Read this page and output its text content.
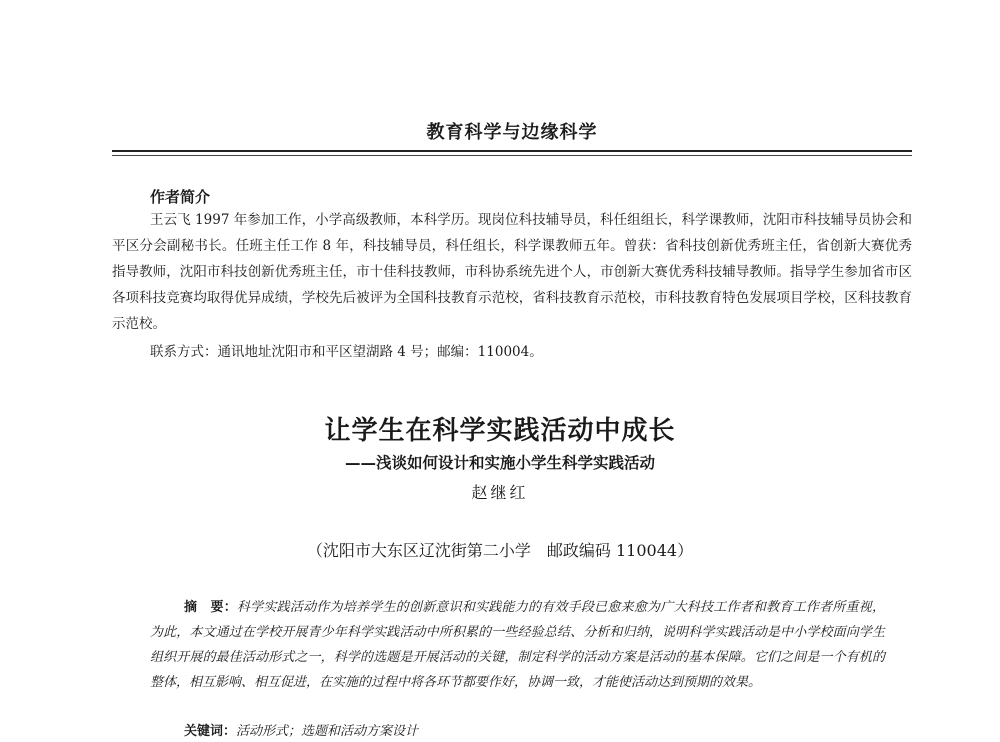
教育科学与边缘科学
作者简介
王云飞 1997 年参加工作，小学高级教师，本科学历。现岗位科技辅导员，科任组组长，科学课教师，沈阳市科技辅导员协会和平区分会副秘书长。任班主任工作 8 年，科技辅导员，科任组长，科学课教师五年。曾获：省科技创新优秀班主任，省创新大赛优秀指导教师，沈阳市科技创新优秀班主任，市十佳科技教师，市科协系统先进个人，市创新大赛优秀科技辅导教师。指导学生参加省市区各项科技竞赛均取得优异成绩，学校先后被评为全国科技教育示范校，省科技教育示范校，市科技教育特色发展项目学校，区科技教育示范校。
联系方式：通讯地址沈阳市和平区望湖路 4 号；邮编：110004。
让学生在科学实践活动中成长
——浅谈如何设计和实施小学生科学实践活动
赵继红
（沈阳市大东区辽沈街第二小学　邮政编码 110044）
摘　要：科学实践活动作为培养学生的创新意识和实践能力的有效手段已愈来愈为广大科技工作者和教育工作者所重视，为此，本文通过在学校开展青少年科学实践活动中所积累的一些经验总结、分析和归纳，说明科学实践活动是中小学校面向学生组织开展的最佳活动形式之一，科学的选题是开展活动的关键，制定科学的活动方案是活动的基本保障。它们之间是一个有机的整体，相互影响、相互促进，在实施的过程中将各环节都要作好，协调一致，才能使活动达到预期的效果。
关键词：活动形式；选题和活动方案设计
